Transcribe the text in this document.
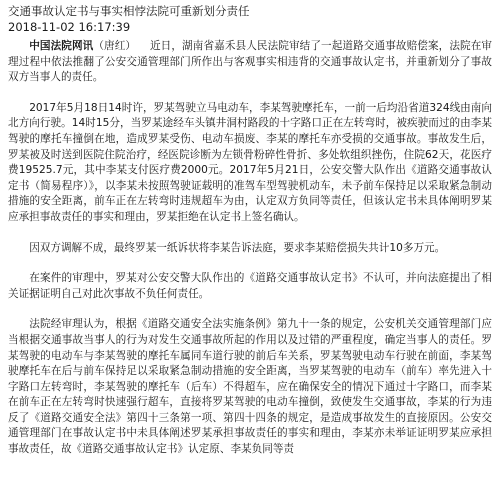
交通事故认定书与事实相悖法院可重新划分责任
2018-11-02 16:17:39

中国法院网讯（唐红） 近日，湖南省嘉禾县人民法院审结了一起道路交通事故赔偿案，法院在审理过程中依法推翻了公安交通管理部门所作出与客观事实相违背的交通事故认定书，并重新划分了事故双方当事人的责任。

2017年5月18日14时许，罗某驾驶立马电动车，李某驾驶摩托车，一前一后均沿省道324线由南向北方向行驶。14时15分，当罗某途经车头镇井洞村路段的十字路口正在左转弯时，被疾驶而过的由李某驾驶的摩托车撞倒在地，造成罗某受伤、电动车损废、李某的摩托车亦受损的交通事故。事故发生后，罗某被及时送到医院住院治疗，经医院诊断为左锁骨粉碎性骨折、多处软组织挫伤，住院62天，花医疗费19525.7元，其中李某支付医疗费2000元。2017年5月21日，公安交警大队作出《道路交通事故认定书（简易程序）》，以李某未按照驾驶证载明的准驾车型驾驶机动车，未予前车保持足以采取紧急制动措施的安全距离，前车正在左转弯时违规超车为由，认定双方负同等责任，但该认定书未具体阐明罗某应承担事故责任的事实和理由，罗某拒绝在认定书上签名确认。

因双方调解不成，最终罗某一纸诉状将李某告诉法庭，要求李某赔偿损失共计10多万元。

在案件的审理中，罗某对公安交警大队作出的《道路交通事故认定书》不认可，并向法庭提出了相关证据证明自己对此次事故不负任何责任。

法院经审理认为，根据《道路交通安全法实施条例》第九十一条的规定，公安机关交通管理部门应当根据交通事故当事人的行为对发生交通事故所起的作用以及过错的严重程度，确定当事人的责任。罗某驾驶的电动车与李某驾驶的摩托车属同车道行驶的前后车关系，罗某驾驶电动车行驶在前面，李某驾驶摩托车在后与前车保持足以采取紧急制动措施的安全距离，当罗某驾驶的电动车（前车）率先进入十字路口左转弯时，李某驾驶的摩托车（后车）不得超车，应在确保安全的情况下通过十字路口，而李某在前车正在左转弯时快速强行超车，直接将罗某驾驶的电动车撞倒，致使发生交通事故，李某的行为违反了《道路交通安全法》第四十三条第一项、第四十四条的规定，是造成事故发生的直接原因。公安交通管理部门在事故认定书中未具体阐述罗某承担事故责任的事实和理由，李某亦未举证证明罗某应承担事故责任，故《道路交通事故认定书》认定原、李某负同等责
